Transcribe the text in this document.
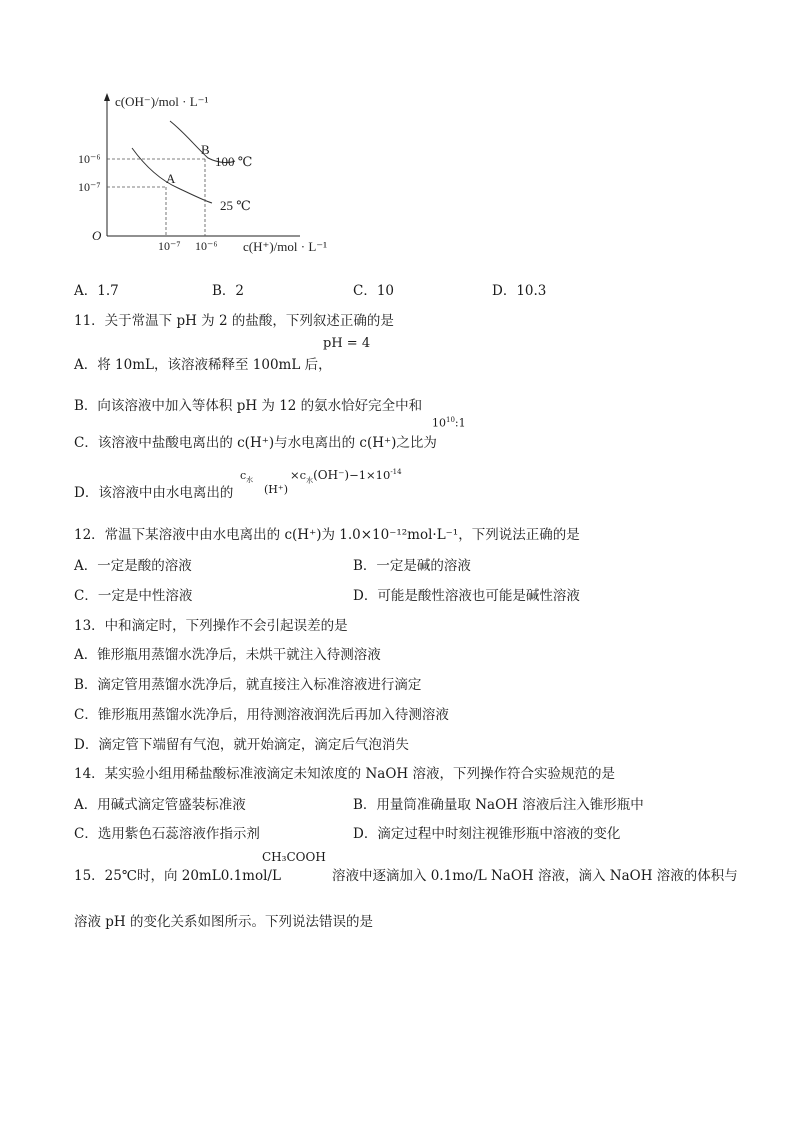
c(OH⁻)/mol · L⁻¹
c(H⁺)/mol · L⁻¹
O
10⁻⁶
10⁻⁷
10⁻⁷ 10⁻⁶
A
B
100 ℃
25 ℃
A．1.7	B．2	C．10	D．10.3
11．关于常温下 pH 为 2 的盐酸，下列叙述正确的是
A．将 10mL，该溶液稀释至 100mL 后，
pH = 4
B．向该溶液中加入等体积 pH 为 12 的氨水恰好完全中和
C．该溶液中盐酸电离出的 c(H⁺)与水电离出的 c(H⁺)之比为
$10^{10}:1$
D．该溶液中由水电离出的
$c_水$
(H⁺)
$\times c_水(OH^-)-1\times 10^{-14}$
12．常温下某溶液中由水电离出的 c(H⁺)为 1.0×10⁻¹²mol·L⁻¹，下列说法正确的是
A．一定是酸的溶液	B．一定是碱的溶液
C．一定是中性溶液	D．可能是酸性溶液也可能是碱性溶液
13．中和滴定时，下列操作不会引起误差的是
A．锥形瓶用蒸馏水洗净后，未烘干就注入待测溶液
B．滴定管用蒸馏水洗净后，就直接注入标准溶液进行滴定
C．锥形瓶用蒸馏水洗净后，用待测溶液润洗后再加入待测溶液
D．滴定管下端留有气泡，就开始滴定，滴定后气泡消失
14．某实验小组用稀盐酸标准液滴定未知浓度的 NaOH 溶液，下列操作符合实验规范的是
A．用碱式滴定管盛装标准液	B．用量筒准确量取 NaOH 溶液后注入锥形瓶中
C．选用紫色石蕊溶液作指示剂	D．滴定过程中时刻注视锥形瓶中溶液的变化
15．25℃时，向 20mL0.1mol/L
CH₃COOH
溶液中逐滴加入 0.1mo/L NaOH 溶液，滴入 NaOH 溶液的体积与
溶液 pH 的变化关系如图所示。下列说法错误的是
